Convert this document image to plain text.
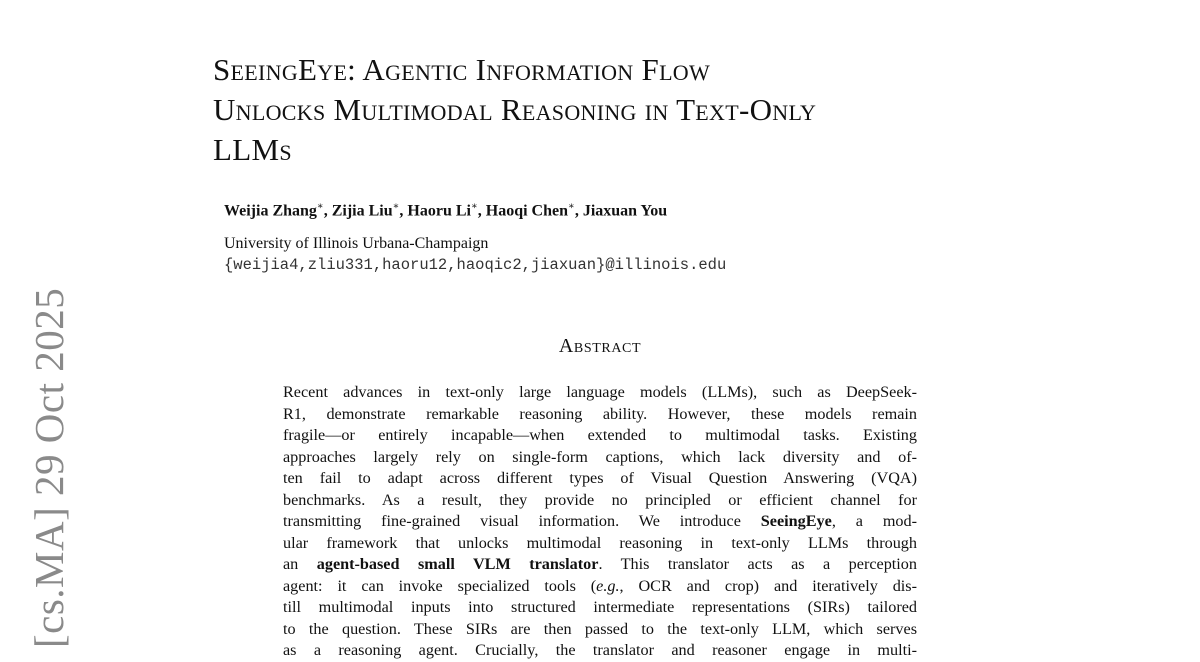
[cs.MA] 29 Oct 2025
SeeingEye: Agentic Information Flow
Unlocks Multimodal Reasoning in Text-Only
LLMs
Weijia Zhang∗, Zijia Liu∗, Haoru Li∗, Haoqi Chen∗, Jiaxuan You
University of Illinois Urbana-Champaign
{weijia4,zliu331,haoru12,haoqic2,jiaxuan}@illinois.edu
Abstract
Recent advances in text-only large language models (LLMs), such as DeepSeek-
R1, demonstrate remarkable reasoning ability. However, these models remain
fragile—or entirely incapable—when extended to multimodal tasks. Existing
approaches largely rely on single-form captions, which lack diversity and of-
ten fail to adapt across different types of Visual Question Answering (VQA)
benchmarks. As a result, they provide no principled or efficient channel for
transmitting fine-grained visual information. We introduce SeeingEye, a mod-
ular framework that unlocks multimodal reasoning in text-only LLMs through
an agent-based small VLM translator. This translator acts as a perception
agent: it can invoke specialized tools (e.g., OCR and crop) and iteratively dis-
till multimodal inputs into structured intermediate representations (SIRs) tailored
to the question. These SIRs are then passed to the text-only LLM, which serves
as a reasoning agent. Crucially, the translator and reasoner engage in multi-
